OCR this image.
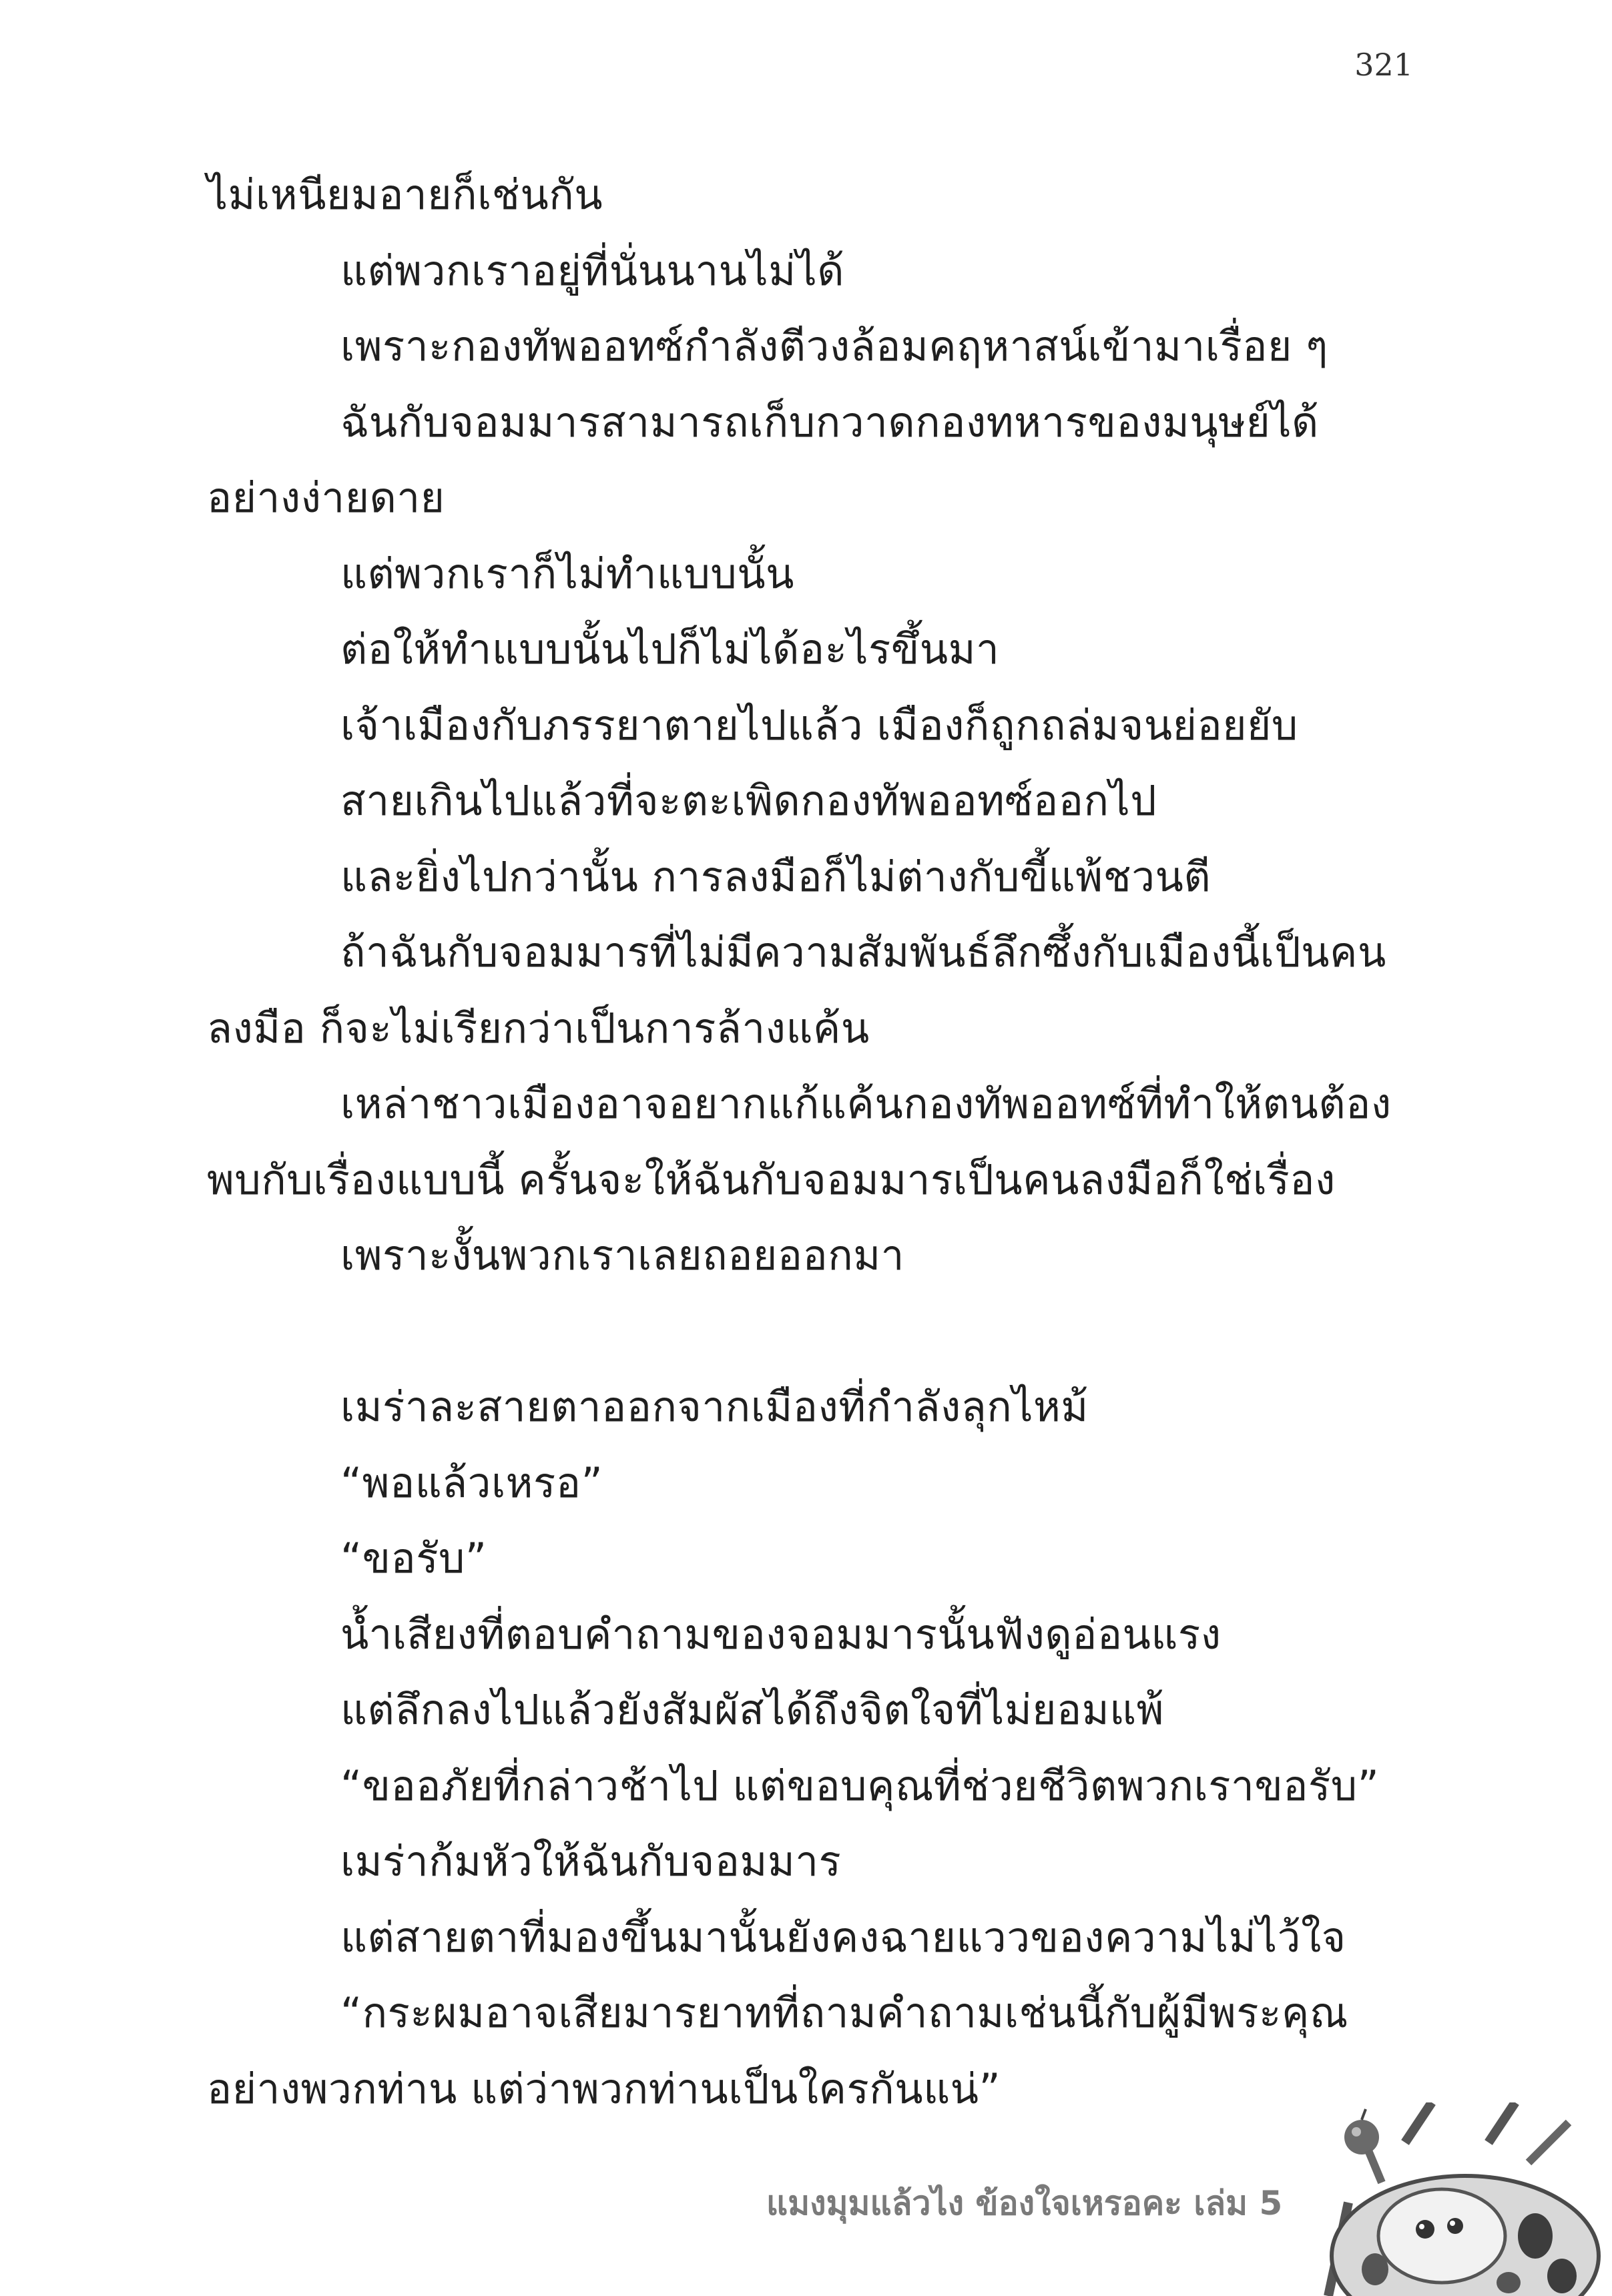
321
ไม่เหนียมอายก็เช่นกัน
แต่พวกเราอยู่ที่นั่นนานไม่ได้
เพราะกองทัพออทซ์กำลังตีวงล้อมคฤหาสน์เข้ามาเรื่อย ๆ
ฉันกับจอมมารสามารถเก็บกวาดกองทหารของมนุษย์ได้
อย่างง่ายดาย
แต่พวกเราก็ไม่ทำแบบนั้น
ต่อให้ทำแบบนั้นไปก็ไม่ได้อะไรขึ้นมา
เจ้าเมืองกับภรรยาตายไปแล้ว เมืองก็ถูกถล่มจนย่อยยับ
สายเกินไปแล้วที่จะตะเพิดกองทัพออทซ์ออกไป
และยิ่งไปกว่านั้น การลงมือก็ไม่ต่างกับขี้แพ้ชวนตี
ถ้าฉันกับจอมมารที่ไม่มีความสัมพันธ์ลึกซึ้งกับเมืองนี้เป็นคน
ลงมือ ก็จะไม่เรียกว่าเป็นการล้างแค้น
เหล่าชาวเมืองอาจอยากแก้แค้นกองทัพออทซ์ที่ทำให้ตนต้อง
พบกับเรื่องแบบนี้ ครั้นจะให้ฉันกับจอมมารเป็นคนลงมือก็ใช่เรื่อง
เพราะงั้นพวกเราเลยถอยออกมา
เมร่าละสายตาออกจากเมืองที่กำลังลุกไหม้
“พอแล้วเหรอ”
“ขอรับ”
น้ำเสียงที่ตอบคำถามของจอมมารนั้นฟังดูอ่อนแรง
แต่ลึกลงไปแล้วยังสัมผัสได้ถึงจิตใจที่ไม่ยอมแพ้
“ขออภัยที่กล่าวช้าไป แต่ขอบคุณที่ช่วยชีวิตพวกเราขอรับ”
เมร่าก้มหัวให้ฉันกับจอมมาร
แต่สายตาที่มองขึ้นมานั้นยังคงฉายแววของความไม่ไว้ใจ
“กระผมอาจเสียมารยาทที่ถามคำถามเช่นนี้กับผู้มีพระคุณ
อย่างพวกท่าน แต่ว่าพวกท่านเป็นใครกันแน่”
แมงมุมแล้วไง ข้องใจเหรอคะ เล่ม 5
